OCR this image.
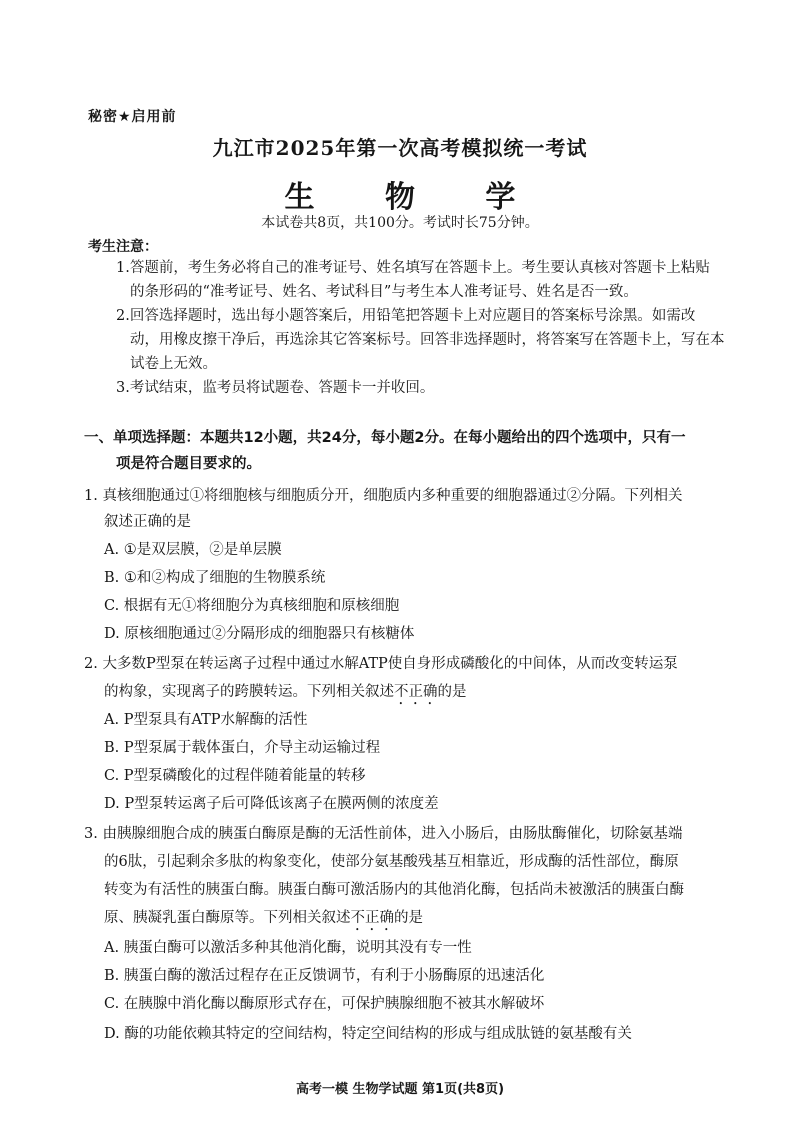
秘密★启用前
九江市2025年第一次高考模拟统一考试
生 物 学
本试卷共8页，共100分。考试时长75分钟。
考生注意：
1.答题前，考生务必将自己的准考证号、姓名填写在答题卡上。考生要认真核对答题卡上粘贴
的条形码的“准考证号、姓名、考试科目”与考生本人准考证号、姓名是否一致。
2.回答选择题时，选出每小题答案后，用铅笔把答题卡上对应题目的答案标号涂黑。如需改
动，用橡皮擦干净后，再选涂其它答案标号。回答非选择题时，将答案写在答题卡上，写在本
试卷上无效。
3.考试结束，监考员将试题卷、答题卡一并收回。
一、单项选择题：本题共12小题，共24分，每小题2分。在每小题给出的四个选项中，只有一
项是符合题目要求的。
1. 真核细胞通过①将细胞核与细胞质分开，细胞质内多种重要的细胞器通过②分隔。下列相关
叙述正确的是
A. ①是双层膜，②是单层膜
B. ①和②构成了细胞的生物膜系统
C. 根据有无①将细胞分为真核细胞和原核细胞
D. 原核细胞通过②分隔形成的细胞器只有核糖体
2. 大多数P型泵在转运离子过程中通过水解ATP使自身形成磷酸化的中间体，从而改变转运泵
的构象，实现离子的跨膜转运。下列相关叙述不正确的是
A. P型泵具有ATP水解酶的活性
B. P型泵属于载体蛋白，介导主动运输过程
C. P型泵磷酸化的过程伴随着能量的转移
D. P型泵转运离子后可降低该离子在膜两侧的浓度差
3. 由胰腺细胞合成的胰蛋白酶原是酶的无活性前体，进入小肠后，由肠肽酶催化，切除氨基端
的6肽，引起剩余多肽的构象变化，使部分氨基酸残基互相靠近，形成酶的活性部位，酶原
转变为有活性的胰蛋白酶。胰蛋白酶可激活肠内的其他消化酶，包括尚未被激活的胰蛋白酶
原、胰凝乳蛋白酶原等。下列相关叙述不正确的是
A. 胰蛋白酶可以激活多种其他消化酶，说明其没有专一性
B. 胰蛋白酶的激活过程存在正反馈调节，有利于小肠酶原的迅速活化
C. 在胰腺中消化酶以酶原形式存在，可保护胰腺细胞不被其水解破坏
D. 酶的功能依赖其特定的空间结构，特定空间结构的形成与组成肽链的氨基酸有关
高考一模 生物学试题 第1页(共8页)
